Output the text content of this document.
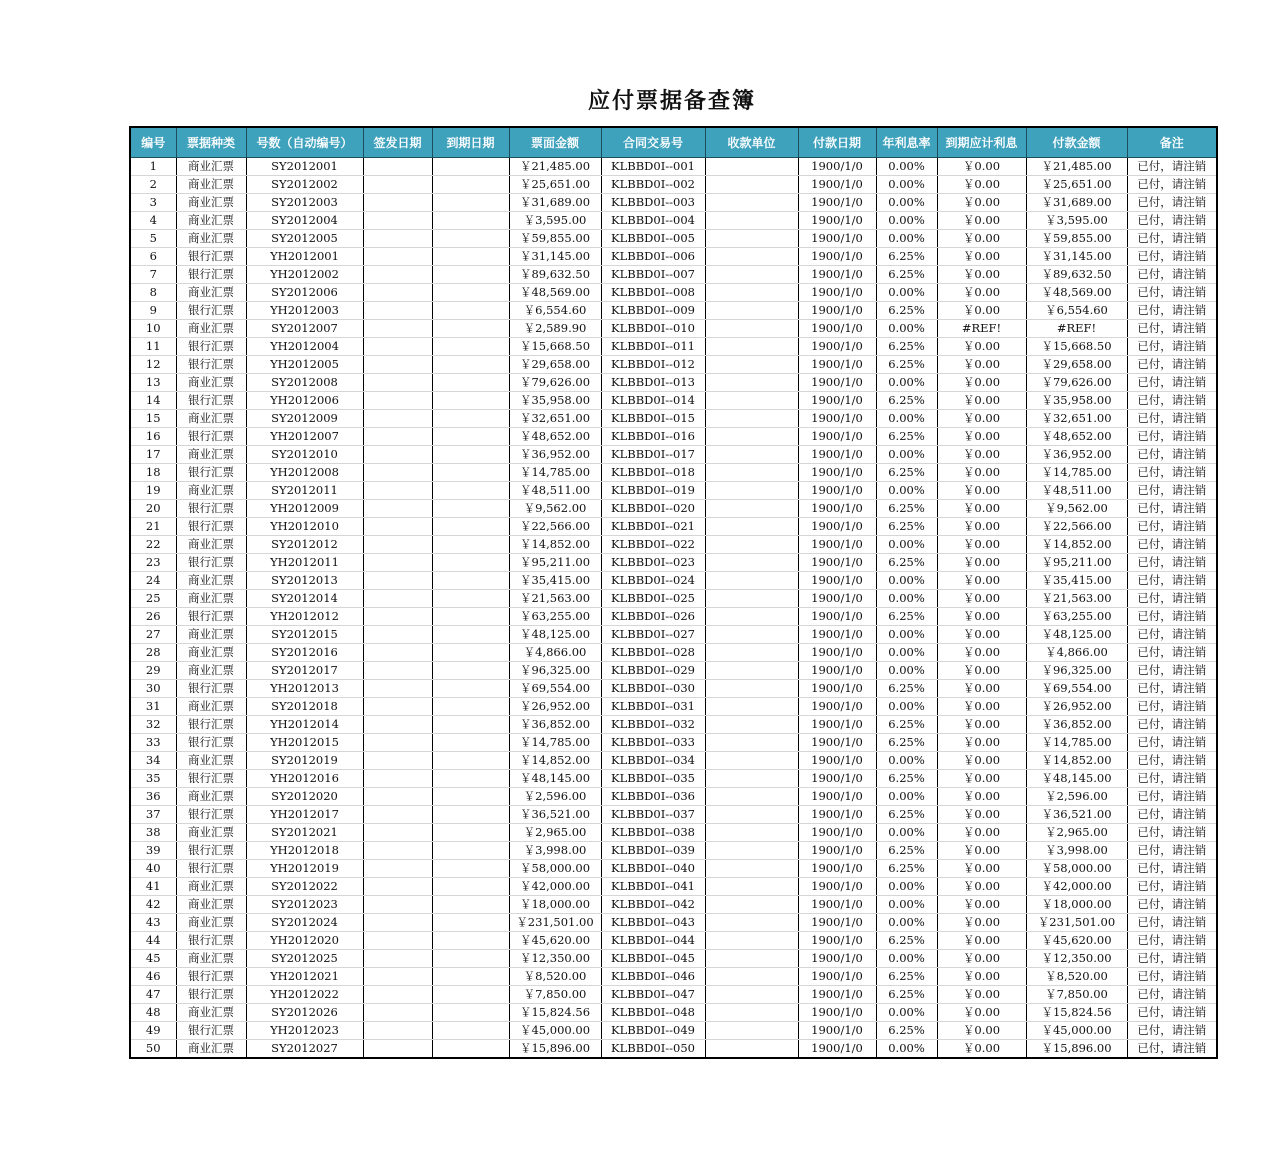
应付票据备查簿
编号	票据种类	号数（自动编号）	签发日期	到期日期	票面金额	合同交易号	收款单位	付款日期	年利息率	到期应计利息	付款金额	备注
1	商业汇票	SY2012001			￥21,485.00	KLBBD0I--001		1900/1/0	0.00%	￥0.00	￥21,485.00	已付，请注销
2	商业汇票	SY2012002			￥25,651.00	KLBBD0I--002		1900/1/0	0.00%	￥0.00	￥25,651.00	已付，请注销
3	商业汇票	SY2012003			￥31,689.00	KLBBD0I--003		1900/1/0	0.00%	￥0.00	￥31,689.00	已付，请注销
4	商业汇票	SY2012004			￥3,595.00	KLBBD0I--004		1900/1/0	0.00%	￥0.00	￥3,595.00	已付，请注销
5	商业汇票	SY2012005			￥59,855.00	KLBBD0I--005		1900/1/0	0.00%	￥0.00	￥59,855.00	已付，请注销
6	银行汇票	YH2012001			￥31,145.00	KLBBD0I--006		1900/1/0	6.25%	￥0.00	￥31,145.00	已付，请注销
7	银行汇票	YH2012002			￥89,632.50	KLBBD0I--007		1900/1/0	6.25%	￥0.00	￥89,632.50	已付，请注销
8	商业汇票	SY2012006			￥48,569.00	KLBBD0I--008		1900/1/0	0.00%	￥0.00	￥48,569.00	已付，请注销
9	银行汇票	YH2012003			￥6,554.60	KLBBD0I--009		1900/1/0	6.25%	￥0.00	￥6,554.60	已付，请注销
10	商业汇票	SY2012007			￥2,589.90	KLBBD0I--010		1900/1/0	0.00%	#REF!	#REF!	已付，请注销
11	银行汇票	YH2012004			￥15,668.50	KLBBD0I--011		1900/1/0	6.25%	￥0.00	￥15,668.50	已付，请注销
12	银行汇票	YH2012005			￥29,658.00	KLBBD0I--012		1900/1/0	6.25%	￥0.00	￥29,658.00	已付，请注销
13	商业汇票	SY2012008			￥79,626.00	KLBBD0I--013		1900/1/0	0.00%	￥0.00	￥79,626.00	已付，请注销
14	银行汇票	YH2012006			￥35,958.00	KLBBD0I--014		1900/1/0	6.25%	￥0.00	￥35,958.00	已付，请注销
15	商业汇票	SY2012009			￥32,651.00	KLBBD0I--015		1900/1/0	0.00%	￥0.00	￥32,651.00	已付，请注销
16	银行汇票	YH2012007			￥48,652.00	KLBBD0I--016		1900/1/0	6.25%	￥0.00	￥48,652.00	已付，请注销
17	商业汇票	SY2012010			￥36,952.00	KLBBD0I--017		1900/1/0	0.00%	￥0.00	￥36,952.00	已付，请注销
18	银行汇票	YH2012008			￥14,785.00	KLBBD0I--018		1900/1/0	6.25%	￥0.00	￥14,785.00	已付，请注销
19	商业汇票	SY2012011			￥48,511.00	KLBBD0I--019		1900/1/0	0.00%	￥0.00	￥48,511.00	已付，请注销
20	银行汇票	YH2012009			￥9,562.00	KLBBD0I--020		1900/1/0	6.25%	￥0.00	￥9,562.00	已付，请注销
21	银行汇票	YH2012010			￥22,566.00	KLBBD0I--021		1900/1/0	6.25%	￥0.00	￥22,566.00	已付，请注销
22	商业汇票	SY2012012			￥14,852.00	KLBBD0I--022		1900/1/0	0.00%	￥0.00	￥14,852.00	已付，请注销
23	银行汇票	YH2012011			￥95,211.00	KLBBD0I--023		1900/1/0	6.25%	￥0.00	￥95,211.00	已付，请注销
24	商业汇票	SY2012013			￥35,415.00	KLBBD0I--024		1900/1/0	0.00%	￥0.00	￥35,415.00	已付，请注销
25	商业汇票	SY2012014			￥21,563.00	KLBBD0I--025		1900/1/0	0.00%	￥0.00	￥21,563.00	已付，请注销
26	银行汇票	YH2012012			￥63,255.00	KLBBD0I--026		1900/1/0	6.25%	￥0.00	￥63,255.00	已付，请注销
27	商业汇票	SY2012015			￥48,125.00	KLBBD0I--027		1900/1/0	0.00%	￥0.00	￥48,125.00	已付，请注销
28	商业汇票	SY2012016			￥4,866.00	KLBBD0I--028		1900/1/0	0.00%	￥0.00	￥4,866.00	已付，请注销
29	商业汇票	SY2012017			￥96,325.00	KLBBD0I--029		1900/1/0	0.00%	￥0.00	￥96,325.00	已付，请注销
30	银行汇票	YH2012013			￥69,554.00	KLBBD0I--030		1900/1/0	6.25%	￥0.00	￥69,554.00	已付，请注销
31	商业汇票	SY2012018			￥26,952.00	KLBBD0I--031		1900/1/0	0.00%	￥0.00	￥26,952.00	已付，请注销
32	银行汇票	YH2012014			￥36,852.00	KLBBD0I--032		1900/1/0	6.25%	￥0.00	￥36,852.00	已付，请注销
33	银行汇票	YH2012015			￥14,785.00	KLBBD0I--033		1900/1/0	6.25%	￥0.00	￥14,785.00	已付，请注销
34	商业汇票	SY2012019			￥14,852.00	KLBBD0I--034		1900/1/0	0.00%	￥0.00	￥14,852.00	已付，请注销
35	银行汇票	YH2012016			￥48,145.00	KLBBD0I--035		1900/1/0	6.25%	￥0.00	￥48,145.00	已付，请注销
36	商业汇票	SY2012020			￥2,596.00	KLBBD0I--036		1900/1/0	0.00%	￥0.00	￥2,596.00	已付，请注销
37	银行汇票	YH2012017			￥36,521.00	KLBBD0I--037		1900/1/0	6.25%	￥0.00	￥36,521.00	已付，请注销
38	商业汇票	SY2012021			￥2,965.00	KLBBD0I--038		1900/1/0	0.00%	￥0.00	￥2,965.00	已付，请注销
39	银行汇票	YH2012018			￥3,998.00	KLBBD0I--039		1900/1/0	6.25%	￥0.00	￥3,998.00	已付，请注销
40	银行汇票	YH2012019			￥58,000.00	KLBBD0I--040		1900/1/0	6.25%	￥0.00	￥58,000.00	已付，请注销
41	商业汇票	SY2012022			￥42,000.00	KLBBD0I--041		1900/1/0	0.00%	￥0.00	￥42,000.00	已付，请注销
42	商业汇票	SY2012023			￥18,000.00	KLBBD0I--042		1900/1/0	0.00%	￥0.00	￥18,000.00	已付，请注销
43	商业汇票	SY2012024			￥231,501.00	KLBBD0I--043		1900/1/0	0.00%	￥0.00	￥231,501.00	已付，请注销
44	银行汇票	YH2012020			￥45,620.00	KLBBD0I--044		1900/1/0	6.25%	￥0.00	￥45,620.00	已付，请注销
45	商业汇票	SY2012025			￥12,350.00	KLBBD0I--045		1900/1/0	0.00%	￥0.00	￥12,350.00	已付，请注销
46	银行汇票	YH2012021			￥8,520.00	KLBBD0I--046		1900/1/0	6.25%	￥0.00	￥8,520.00	已付，请注销
47	银行汇票	YH2012022			￥7,850.00	KLBBD0I--047		1900/1/0	6.25%	￥0.00	￥7,850.00	已付，请注销
48	商业汇票	SY2012026			￥15,824.56	KLBBD0I--048		1900/1/0	0.00%	￥0.00	￥15,824.56	已付，请注销
49	银行汇票	YH2012023			￥45,000.00	KLBBD0I--049		1900/1/0	6.25%	￥0.00	￥45,000.00	已付，请注销
50	商业汇票	SY2012027			￥15,896.00	KLBBD0I--050		1900/1/0	0.00%	￥0.00	￥15,896.00	已付，请注销
